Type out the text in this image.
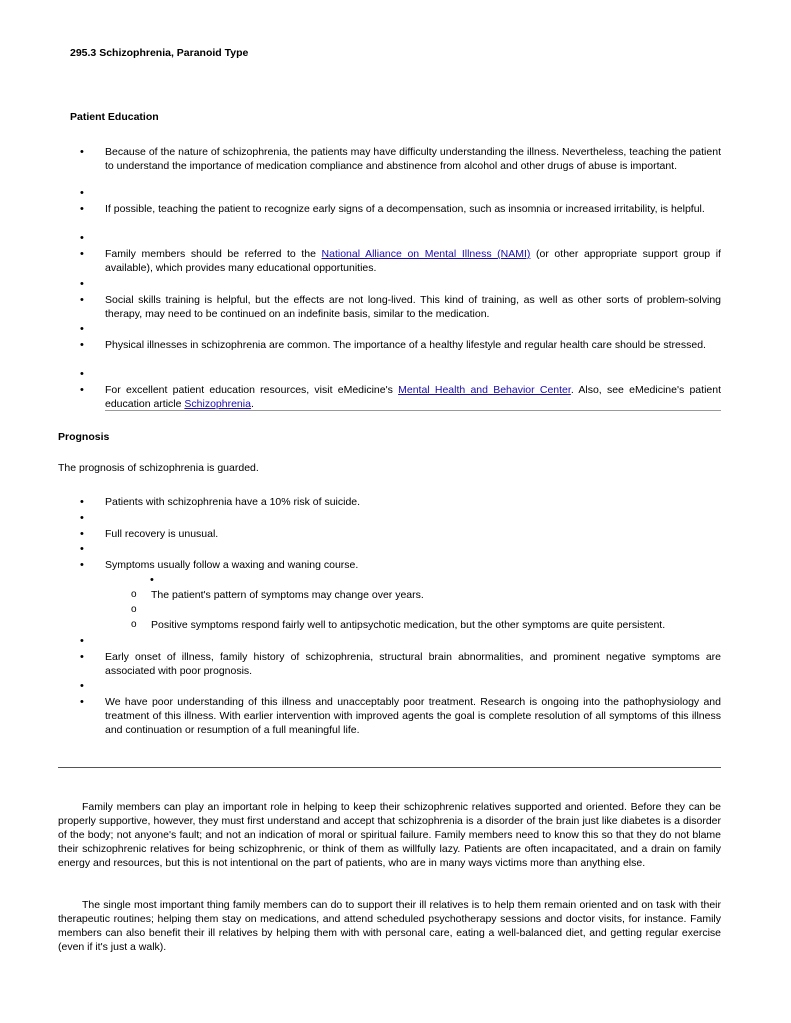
295.3 Schizophrenia, Paranoid Type
Patient Education
• Because of the nature of schizophrenia, the patients may have difficulty understanding the illness. Nevertheless, teaching the patient to understand the importance of medication compliance and abstinence from alcohol and other drugs of abuse is important.
•
• If possible, teaching the patient to recognize early signs of a decompensation, such as insomnia or increased irritability, is helpful.
•
• Family members should be referred to the National Alliance on Mental Illness (NAMI) (or other appropriate support group if available), which provides many educational opportunities.
•
• Social skills training is helpful, but the effects are not long-lived. This kind of training, as well as other sorts of problem-solving therapy, may need to be continued on an indefinite basis, similar to the medication.
•
• Physical illnesses in schizophrenia are common. The importance of a healthy lifestyle and regular health care should be stressed.
•
• For excellent patient education resources, visit eMedicine's Mental Health and Behavior Center. Also, see eMedicine's patient education article Schizophrenia.
Prognosis
The prognosis of schizophrenia is guarded.
• Patients with schizophrenia have a 10% risk of suicide.
•
• Full recovery is unusual.
•
• Symptoms usually follow a waxing and waning course.
•
o The patient's pattern of symptoms may change over years.
o
o Positive symptoms respond fairly well to antipsychotic medication, but the other symptoms are quite persistent.
•
• Early onset of illness, family history of schizophrenia, structural brain abnormalities, and prominent negative symptoms are associated with poor prognosis.
•
• We have poor understanding of this illness and unacceptably poor treatment. Research is ongoing into the pathophysiology and treatment of this illness. With earlier intervention with improved agents the goal is complete resolution of all symptoms of this illness and continuation or resumption of a full meaningful life.
Family members can play an important role in helping to keep their schizophrenic relatives supported and oriented. Before they can be properly supportive, however, they must first understand and accept that schizophrenia is a disorder of the brain just like diabetes is a disorder of the body; not anyone's fault; and not an indication of moral or spiritual failure. Family members need to know this so that they do not blame their schizophrenic relatives for being schizophrenic, or think of them as willfully lazy. Patients are often incapacitated, and a drain on family energy and resources, but this is not intentional on the part of patients, who are in many ways victims more than anything else.
The single most important thing family members can do to support their ill relatives is to help them remain oriented and on task with their therapeutic routines; helping them stay on medications, and attend scheduled psychotherapy sessions and doctor visits, for instance. Family members can also benefit their ill relatives by helping them with with personal care, eating a well-balanced diet, and getting regular exercise (even if it's just a walk).
